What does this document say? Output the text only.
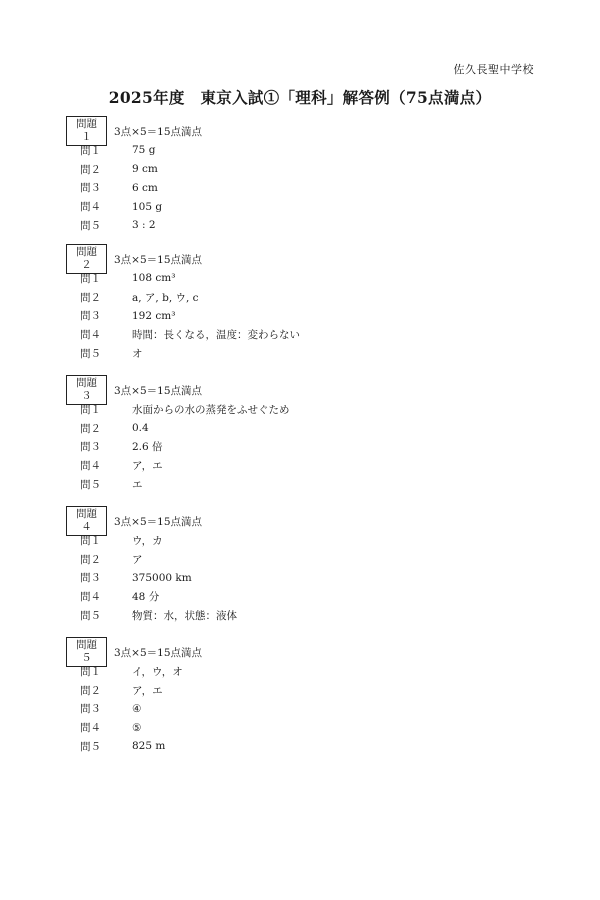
佐久長聖中学校
2025年度　東京入試①「理科」解答例（75点満点）
問題１	3点×5＝15点満点
問１	75 g
問２	9 cm
問３	6 cm
問４	105 g
問５	3 : 2
問題２	3点×5＝15点満点
問１	108 cm³
問２	a, ア, b, ウ, c
問３	192 cm³
問４	時間：長くなる，温度：変わらない
問５	オ
問題３	3点×5＝15点満点
問１	水面からの水の蒸発をふせぐため
問２	0.4
問３	2.6 倍
問４	ア，エ
問５	エ
問題４	3点×5＝15点満点
問１	ウ，カ
問２	ア
問３	375000 km
問４	48 分
問５	物質：水，状態：液体
問題５	3点×5＝15点満点
問１	イ，ウ，オ
問２	ア，エ
問３	④
問４	⑤
問５	825 m
